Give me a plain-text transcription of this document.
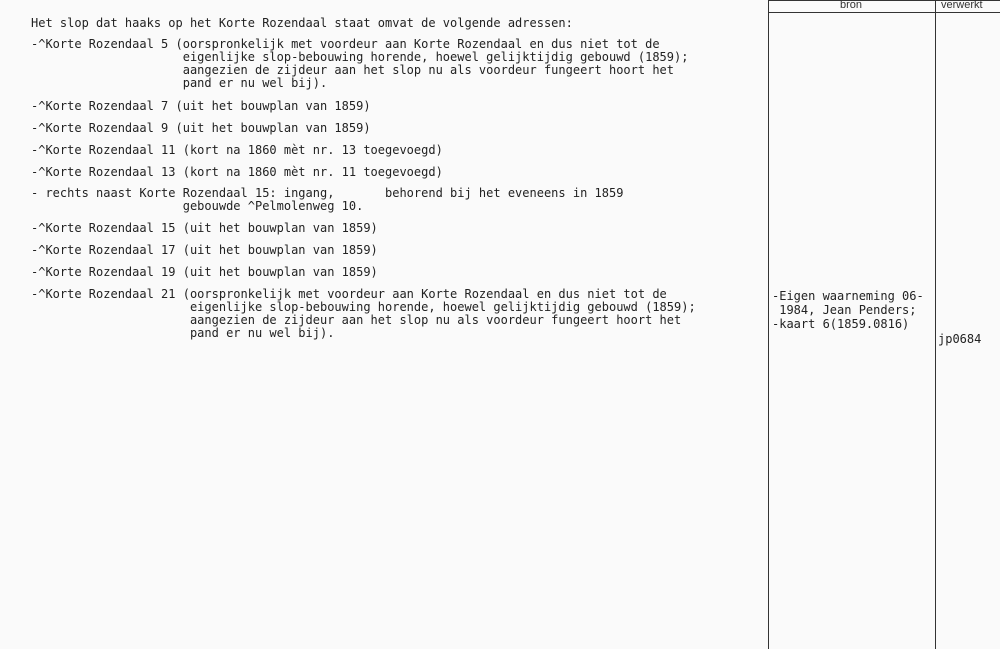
bron	verwerkt
Het slop dat haaks op het Korte Rozendaal staat omvat de volgende adressen:
-^Korte Rozendaal 5 (oorspronkelijk met voordeur aan Korte Rozendaal en dus niet tot de
eigenlijke slop-bebouwing horende, hoewel gelijktijdig gebouwd (1859);
aangezien de zijdeur aan het slop nu als voordeur fungeert hoort het
pand er nu wel bij).
-^Korte Rozendaal 7 (uit het bouwplan van 1859)
-^Korte Rozendaal 9 (uit het bouwplan van 1859)
-^Korte Rozendaal 11 (kort na 1860 mèt nr. 13 toegevoegd)
-^Korte Rozendaal 13 (kort na 1860 mèt nr. 11 toegevoegd)
- rechts naast Korte Rozendaal 15: ingang,       behorend bij het eveneens in 1859
gebouwde ^Pelmolenweg 10.
-^Korte Rozendaal 15 (uit het bouwplan van 1859)
-^Korte Rozendaal 17 (uit het bouwplan van 1859)
-^Korte Rozendaal 19 (uit het bouwplan van 1859)
-^Korte Rozendaal 21 (oorspronkelijk met voordeur aan Korte Rozendaal en dus niet tot de
eigenlijke slop-bebouwing horende, hoewel gelijktijdig gebouwd (1859);
aangezien de zijdeur aan het slop nu als voordeur fungeert hoort het
pand er nu wel bij).
-Eigen waarneming 06-
1984, Jean Penders;
-kaart 6(1859.0816)
jp0684
